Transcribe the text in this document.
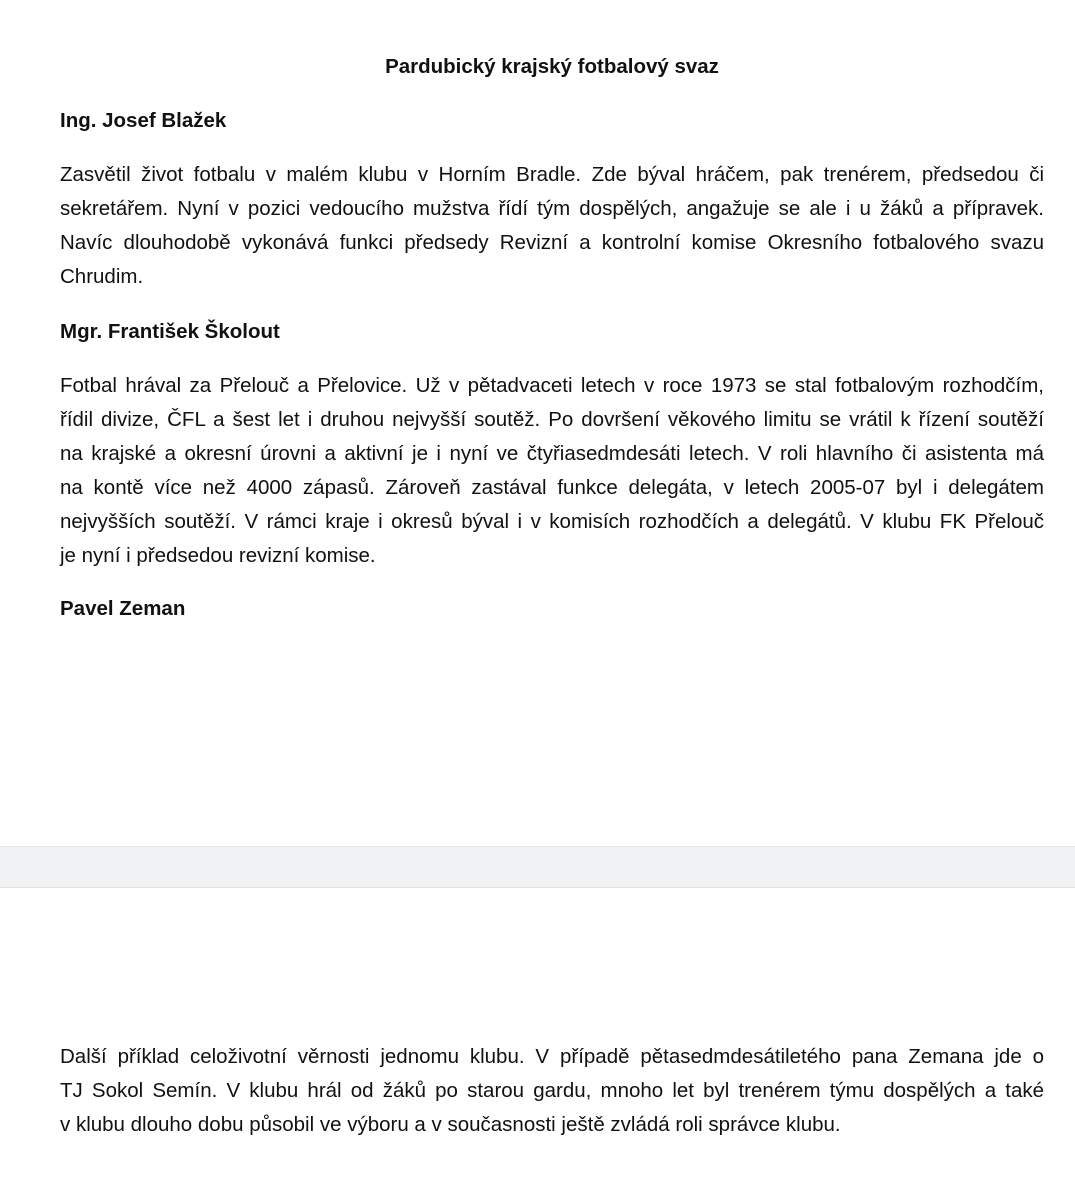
Pardubický krajský fotbalový svaz
Ing. Josef Blažek

Zasvětil život fotbalu v malém klubu v Horním Bradle. Zde býval hráčem, pak trenérem, předsedou či
sekretářem. Nyní v pozici vedoucího mužstva řídí tým dospělých, angažuje se ale i u žáků a přípravek.
Navíc dlouhodobě vykonává funkci předsedy Revizní a kontrolní komise Okresního fotbalového svazu
Chrudim.

Mgr. František Školout

Fotbal hrával za Přelouč a Přelovice. Už v pětadvaceti letech v roce 1973 se stal fotbalovým rozhodčím,
řídil divize, ČFL a šest let i druhou nejvyšší soutěž. Po dovršení věkového limitu se vrátil k řízení soutěží
na krajské a okresní úrovni a aktivní je i nyní ve čtyřiasedmdesáti letech. V roli hlavního či asistenta má
na kontě více než 4000 zápasů. Zároveň zastával funkce delegáta, v letech 2005-07 byl i delegátem
nejvyšších soutěží. V rámci kraje i okresů býval i v komisích rozhodčích a delegátů. V klubu FK Přelouč
je nyní i předsedou revizní komise.

Pavel Zeman

Další příklad celoživotní věrnosti jednomu klubu. V případě pětasedmdesátiletého pana Zemana jde o
TJ Sokol Semín. V klubu hrál od žáků po starou gardu, mnoho let byl trenérem týmu dospělých a také
v klubu dlouho dobu působil ve výboru a v současnosti ještě zvládá roli správce klubu.
